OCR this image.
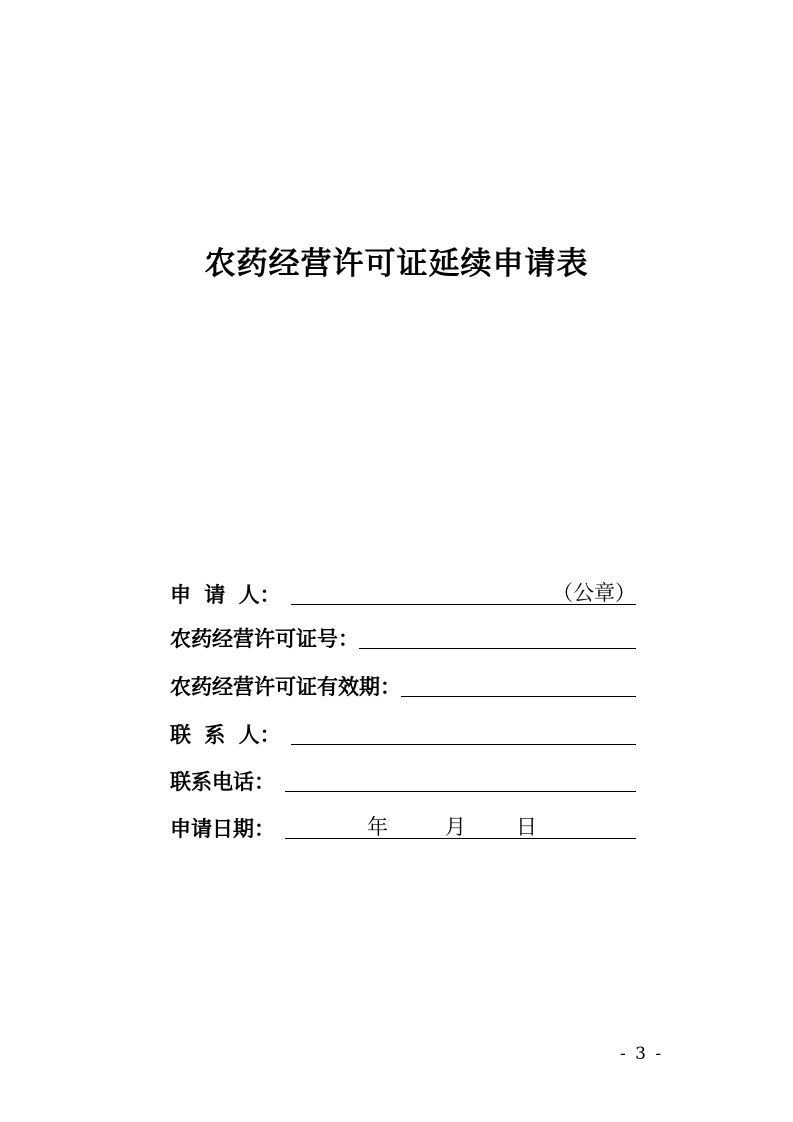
农药经营许可证延续申请表
申 请 人：	（公章）
农药经营许可证号：
农药经营许可证有效期：
联 系 人：
联系电话：
申请日期：	年	月 日
- 3 -
